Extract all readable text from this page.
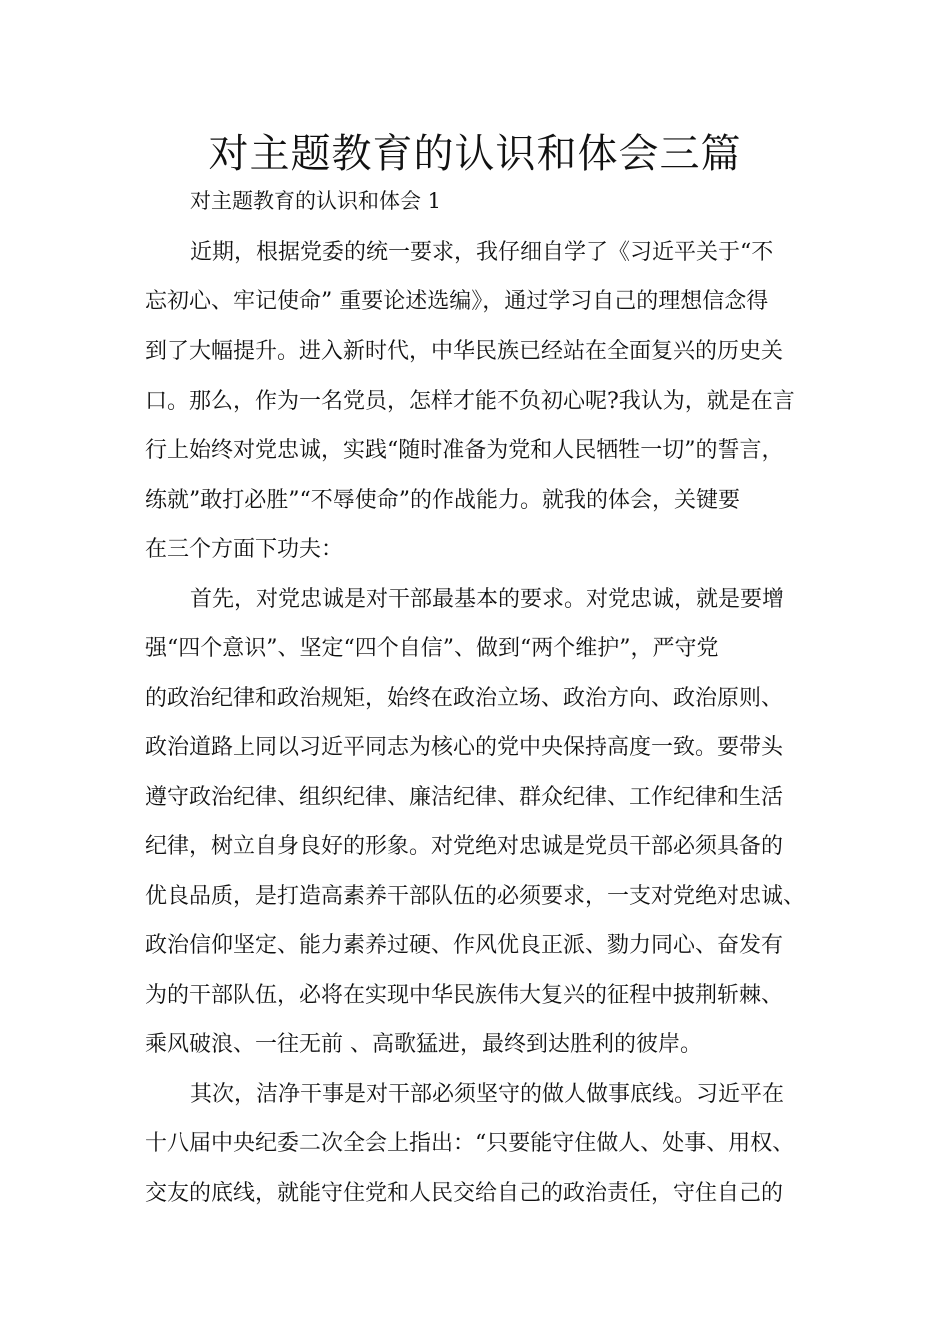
对主题教育的认识和体会三篇

对主题教育的认识和体会 1

近期，根据党委的统一要求，我仔细自学了《习近平关于“不

忘初心、牢记使命” 重要论述选编》，通过学习自己的理想信念得

到了大幅提升。进入新时代，中华民族已经站在全面复兴的历史关

口。那么，作为一名党员，怎样才能不负初心呢?我认为，就是在言

行上始终对党忠诚，实践“随时准备为党和人民牺牲一切”的誓言，

练就”敢打必胜”“不辱使命”的作战能力。就我的体会，关键要

在三个方面下功夫：

首先，对党忠诚是对干部最基本的要求。对党忠诚，就是要增

强“四个意识”、坚定“四个自信”、做到“两个维护”，严守党

的政治纪律和政治规矩，始终在政治立场、政治方向、政治原则、

政治道路上同以习近平同志为核心的党中央保持高度一致。要带头

遵守政治纪律、组织纪律、廉洁纪律、群众纪律、工作纪律和生活

纪律，树立自身良好的形象。对党绝对忠诚是党员干部必须具备的

优良品质，是打造高素养干部队伍的必须要求，一支对党绝对忠诚、

政治信仰坚定、能力素养过硬、作风优良正派、勠力同心、奋发有

为的干部队伍，必将在实现中华民族伟大复兴的征程中披荆斩棘、

乘风破浪、一往无前 、高歌猛进，最终到达胜利的彼岸。

其次，洁净干事是对干部必须坚守的做人做事底线。习近平在

十八届中央纪委二次全会上指出：“只要能守住做人、处事、用权、

交友的底线，就能守住党和人民交给自己的政治责任，守住自己的
